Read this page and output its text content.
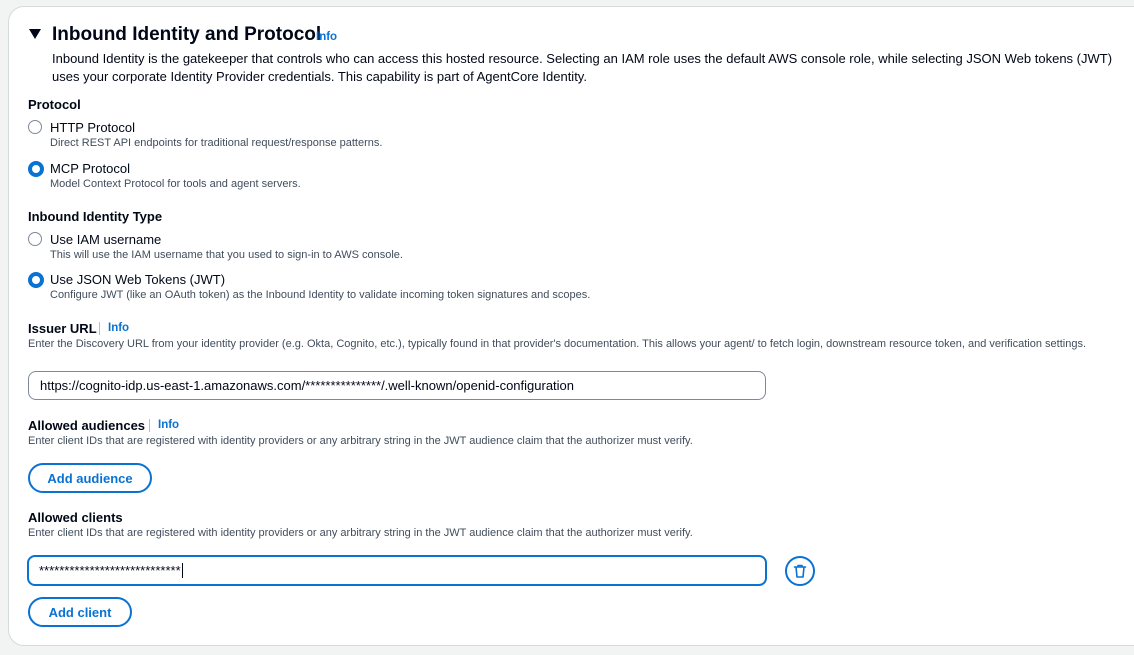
Inbound Identity and Protocol
Info
Inbound Identity is the gatekeeper that controls who can access this hosted resource. Selecting an IAM role uses the default AWS console role, while selecting JSON Web tokens (JWT) uses your corporate Identity Provider credentials. This capability is part of AgentCore Identity.
Protocol
HTTP Protocol
Direct REST API endpoints for traditional request/response patterns.
MCP Protocol
Model Context Protocol for tools and agent servers.
Inbound Identity Type
Use IAM username
This will use the IAM username that you used to sign-in to AWS console.
Use JSON Web Tokens (JWT)
Configure JWT (like an OAuth token) as the Inbound Identity to validate incoming token signatures and scopes.
Issuer URL Info
Enter the Discovery URL from your identity provider (e.g. Okta, Cognito, etc.), typically found in that provider's documentation. This allows your agent/ to fetch login, downstream resource token, and verification settings.
https://cognito-idp.us-east-1.amazonaws.com/***************/.well-known/openid-configuration
Allowed audiences Info
Enter client IDs that are registered with identity providers or any arbitrary string in the JWT audience claim that the authorizer must verify.
Add audience
Allowed clients
Enter client IDs that are registered with identity providers or any arbitrary string in the JWT audience claim that the authorizer must verify.
****************************
Add client
